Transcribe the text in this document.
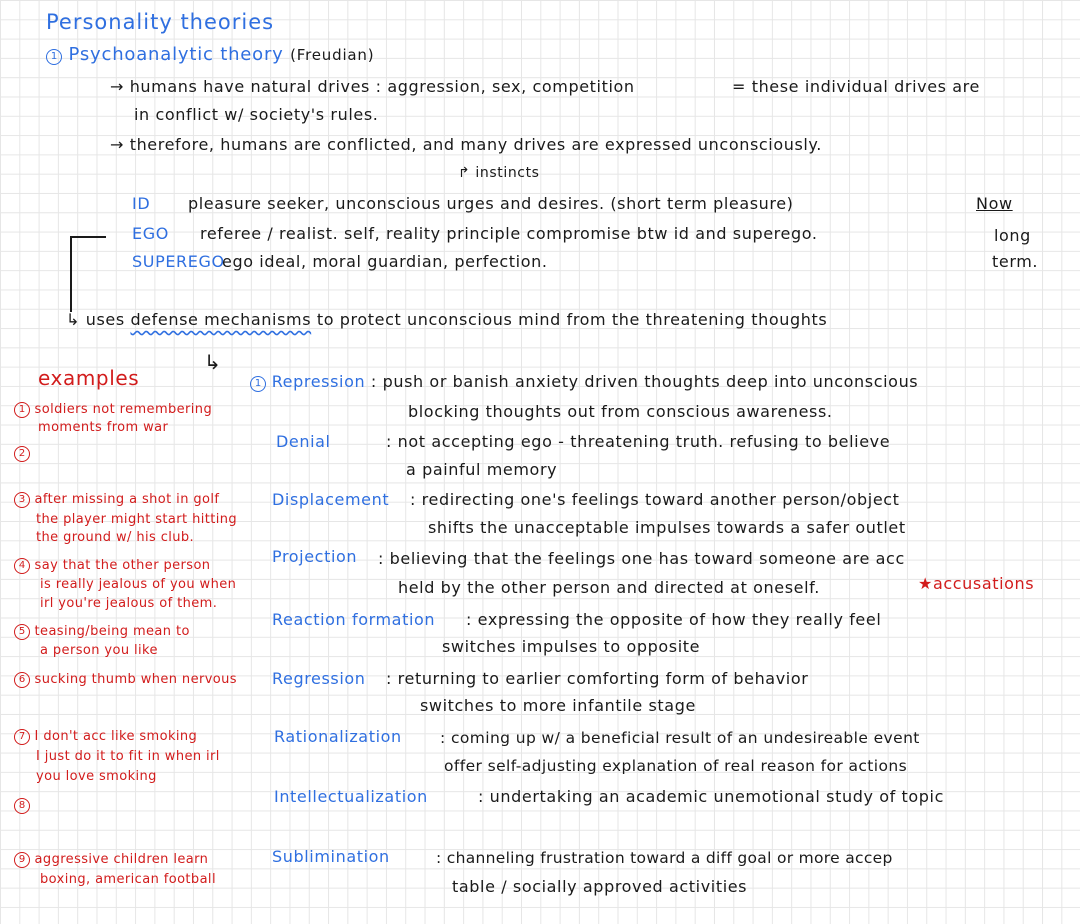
Personality theories
1 Psychoanalytic theory (Freudian)
→ humans have natural drives : aggression, sex, competition	= these individual drives are
in conflict w/ society's rules.
→ therefore, humans are conflicted, and many drives are expressed unconsciously.
↱ instincts
ID pleasure seeker, unconscious urges and desires. (short term pleasure)	Now
EGO referee / realist. self, reality principle compromise btw id and superego.	long
SUPEREGO
ego ideal, moral guardian, perfection.	term.
↳ uses defense mechanisms to protect unconscious mind from the threatening thoughts
↳
examples	1 Repression : push or banish anxiety driven thoughts deep into unconscious
blocking thoughts out from conscious awareness.
Denial	: not accepting ego - threatening truth. refusing to believe
a painful memory
Displacement : redirecting one's feelings toward another person/object
shifts the unacceptable impulses towards a safer outlet
Projection : believing that the feelings one has toward someone are acc
held by the other person and directed at oneself.	★accusations
Reaction formation : expressing the opposite of how they really feel
switches impulses to opposite
Regression : returning to earlier comforting form of behavior
switches to more infantile stage
Rationalization : coming up w/ a beneficial result of an undesireable event
offer self-adjusting explanation of real reason for actions
Intellectualization	: undertaking an academic unemotional study of topic
Sublimination	: channeling frustration toward a diff goal or more accep
table / socially approved activities
1 soldiers not remembering
moments from war
2
3 after missing a shot in golf
the player might start hitting
the ground w/ his club.
4 say that the other person
is really jealous of you when
irl you're jealous of them.
5 teasing/being mean to
a person you like
6 sucking thumb when nervous
7 I don't acc like smoking
I just do it to fit in when irl
you love smoking
8
9 aggressive children learn
boxing, american football
